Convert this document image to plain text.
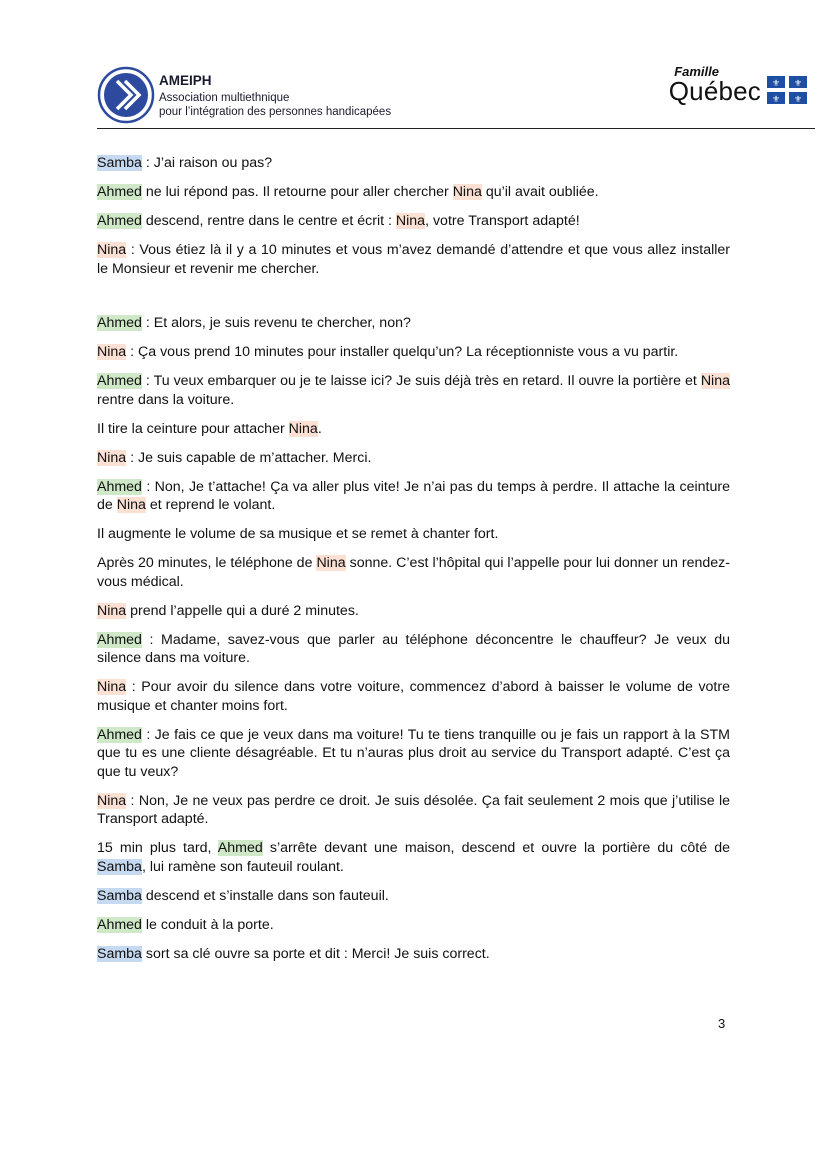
AMEIPH
Association multiethnique
pour l’intégration des personnes handicapées
Famille
Québec ⚜ ⚜
⚜ ⚜

Samba : J’ai raison ou pas?

Ahmed ne lui répond pas. Il retourne pour aller chercher Nina qu’il avait oubliée.

Ahmed descend, rentre dans le centre et écrit : Nina, votre Transport adapté!

Nina : Vous étiez là il y a 10 minutes et vous m’avez demandé d’attendre et que vous allez installer le Monsieur et revenir me chercher.

Ahmed : Et alors, je suis revenu te chercher, non?

Nina : Ça vous prend 10 minutes pour installer quelqu’un? La réceptionniste vous a vu partir.

Ahmed : Tu veux embarquer ou je te laisse ici? Je suis déjà très en retard. Il ouvre la portière et Nina rentre dans la voiture.

Il tire la ceinture pour attacher Nina.

Nina : Je suis capable de m’attacher. Merci.

Ahmed : Non, Je t’attache! Ça va aller plus vite! Je n’ai pas du temps à perdre. Il attache la ceinture de Nina et reprend le volant.

Il augmente le volume de sa musique et se remet à chanter fort.

Après 20 minutes, le téléphone de Nina sonne. C’est l’hôpital qui l’appelle pour lui donner un rendez-vous médical.

Nina prend l’appelle qui a duré 2 minutes.

Ahmed : Madame, savez-vous que parler au téléphone déconcentre le chauffeur? Je veux du silence dans ma voiture.

Nina : Pour avoir du silence dans votre voiture, commencez d’abord à baisser le volume de votre musique et chanter moins fort.

Ahmed : Je fais ce que je veux dans ma voiture! Tu te tiens tranquille ou je fais un rapport à la STM que tu es une cliente désagréable. Et tu n’auras plus droit au service du Transport adapté. C’est ça que tu veux?

Nina : Non, Je ne veux pas perdre ce droit. Je suis désolée. Ça fait seulement 2 mois que j’utilise le Transport adapté.

15 min plus tard, Ahmed s’arrête devant une maison, descend et ouvre la portière du côté de Samba, lui ramène son fauteuil roulant.

Samba descend et s’installe dans son fauteuil.

Ahmed le conduit à la porte.

Samba sort sa clé ouvre sa porte et dit : Merci! Je suis correct.

3
